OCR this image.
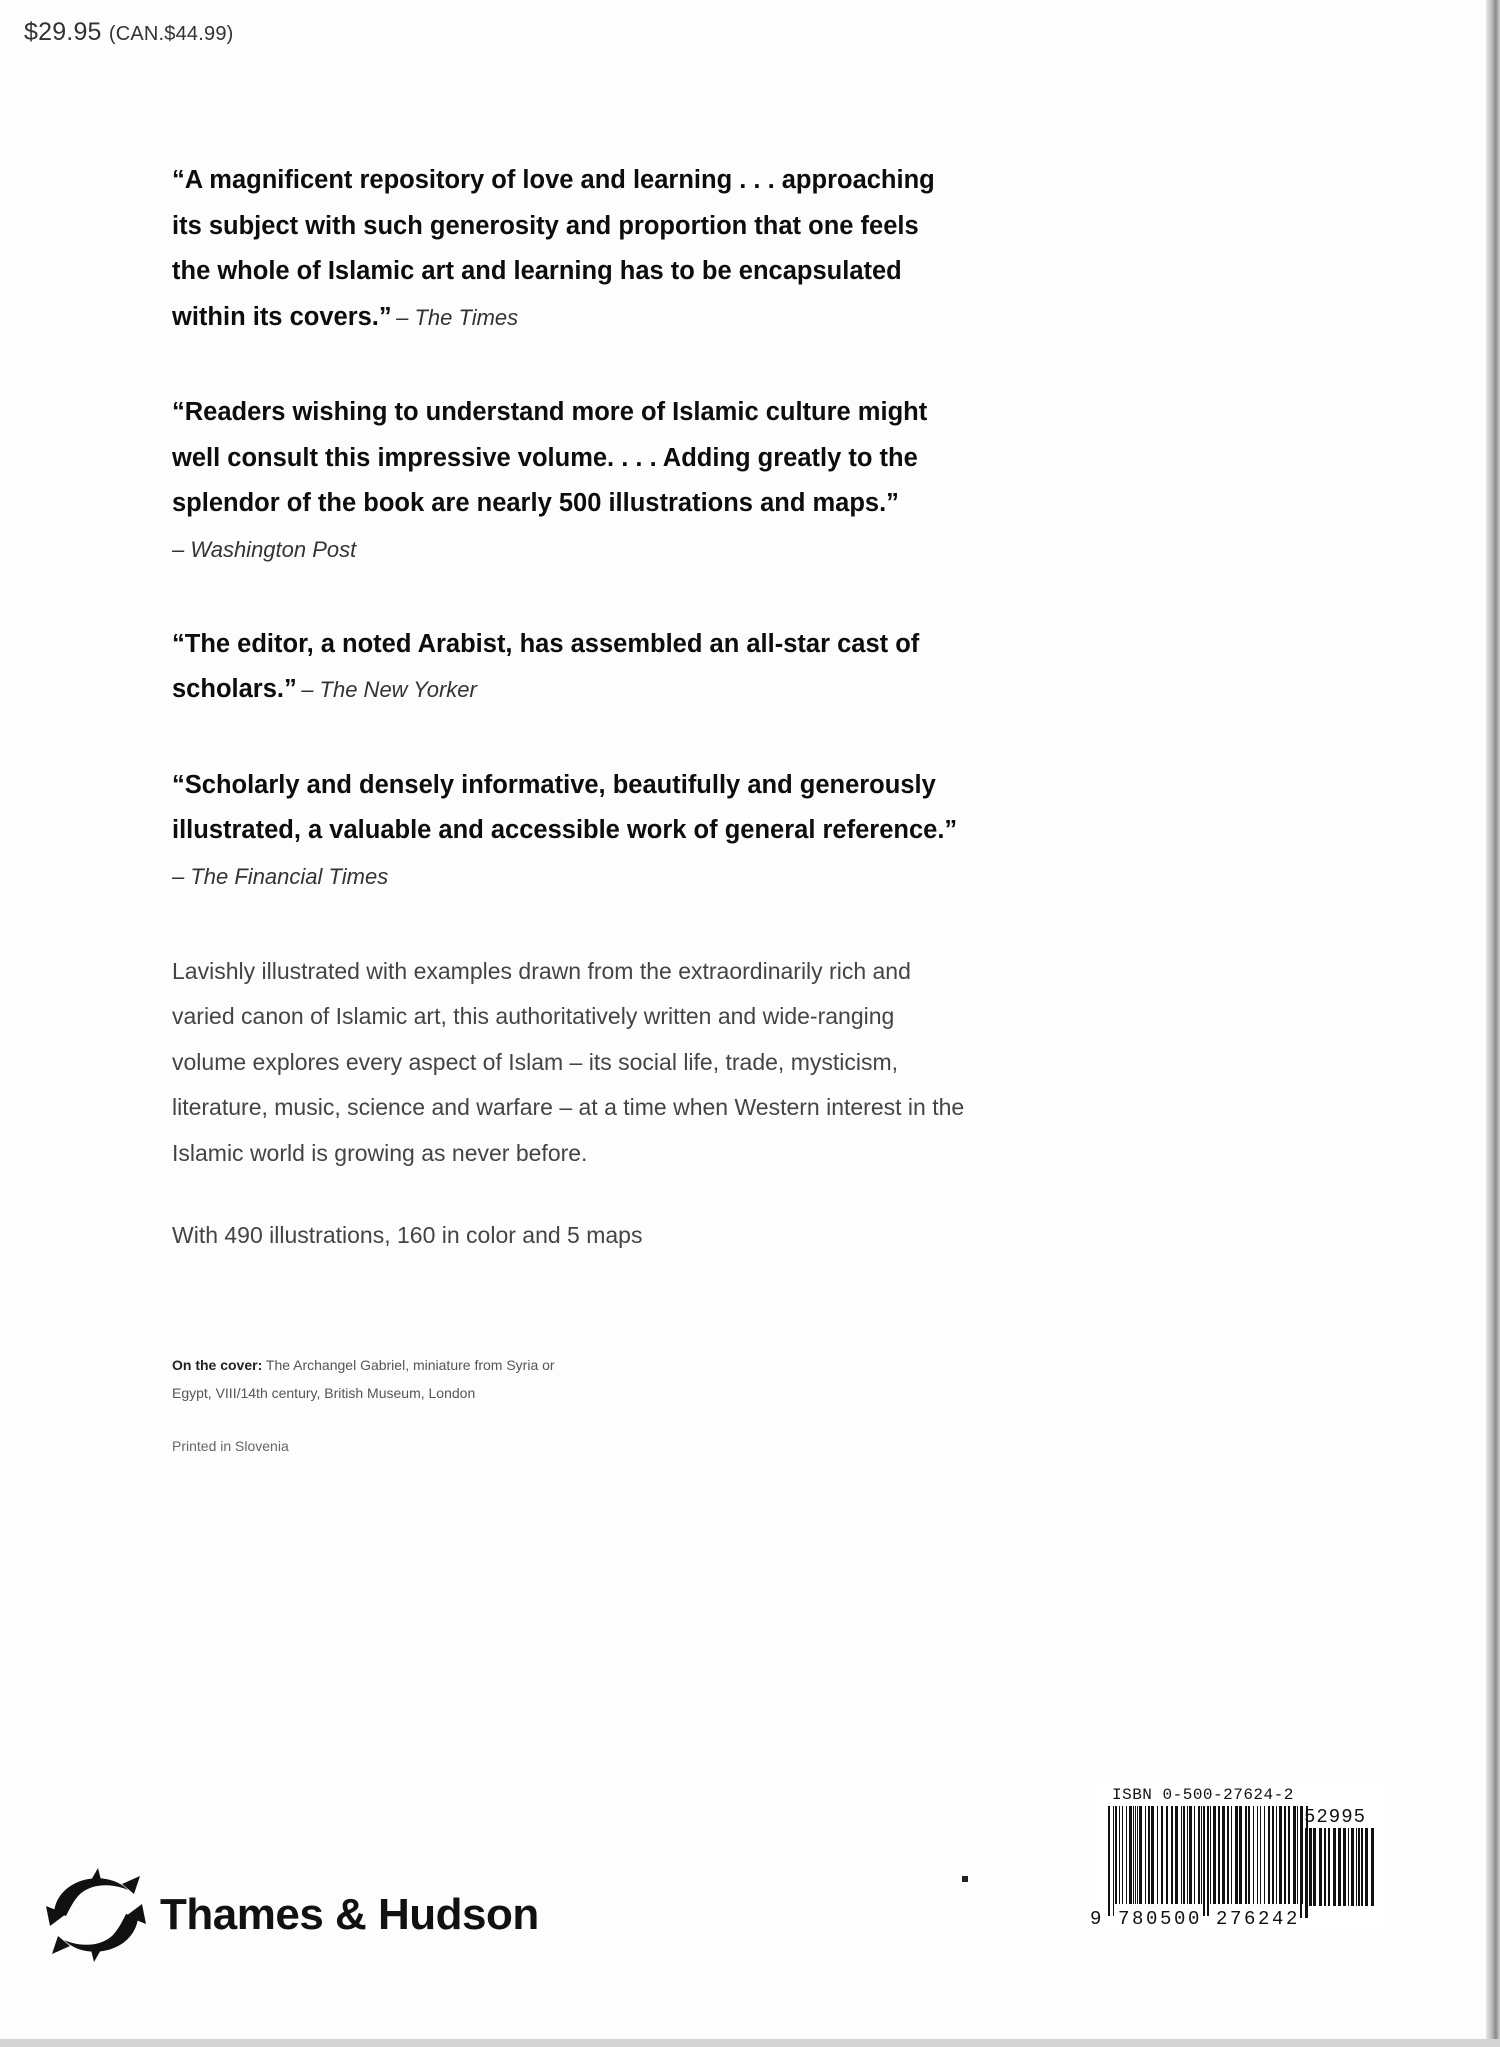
$29.95 (CAN.$44.99)
“A magnificent repository of love and learning . . . approaching its subject with such generosity and proportion that one feels the whole of Islamic art and learning has to be encapsulated within its covers.” – The Times
“Readers wishing to understand more of Islamic culture might well consult this impressive volume. . . . Adding greatly to the splendor of the book are nearly 500 illustrations and maps.”
– Washington Post
“The editor, a noted Arabist, has assembled an all-star cast of scholars.” – The New Yorker
“Scholarly and densely informative, beautifully and generously illustrated, a valuable and accessible work of general reference.”
– The Financial Times
Lavishly illustrated with examples drawn from the extraordinarily rich and varied canon of Islamic art, this authoritatively written and wide-ranging volume explores every aspect of Islam – its social life, trade, mysticism, literature, music, science and warfare – at a time when Western interest in the Islamic world is growing as never before.
With 490 illustrations, 160 in color and 5 maps
On the cover: The Archangel Gabriel, miniature from Syria or Egypt, VIII/14th century, British Museum, London
Printed in Slovenia
Thames & Hudson
ISBN 0-500-27624-2
52995
9 780500 276242
